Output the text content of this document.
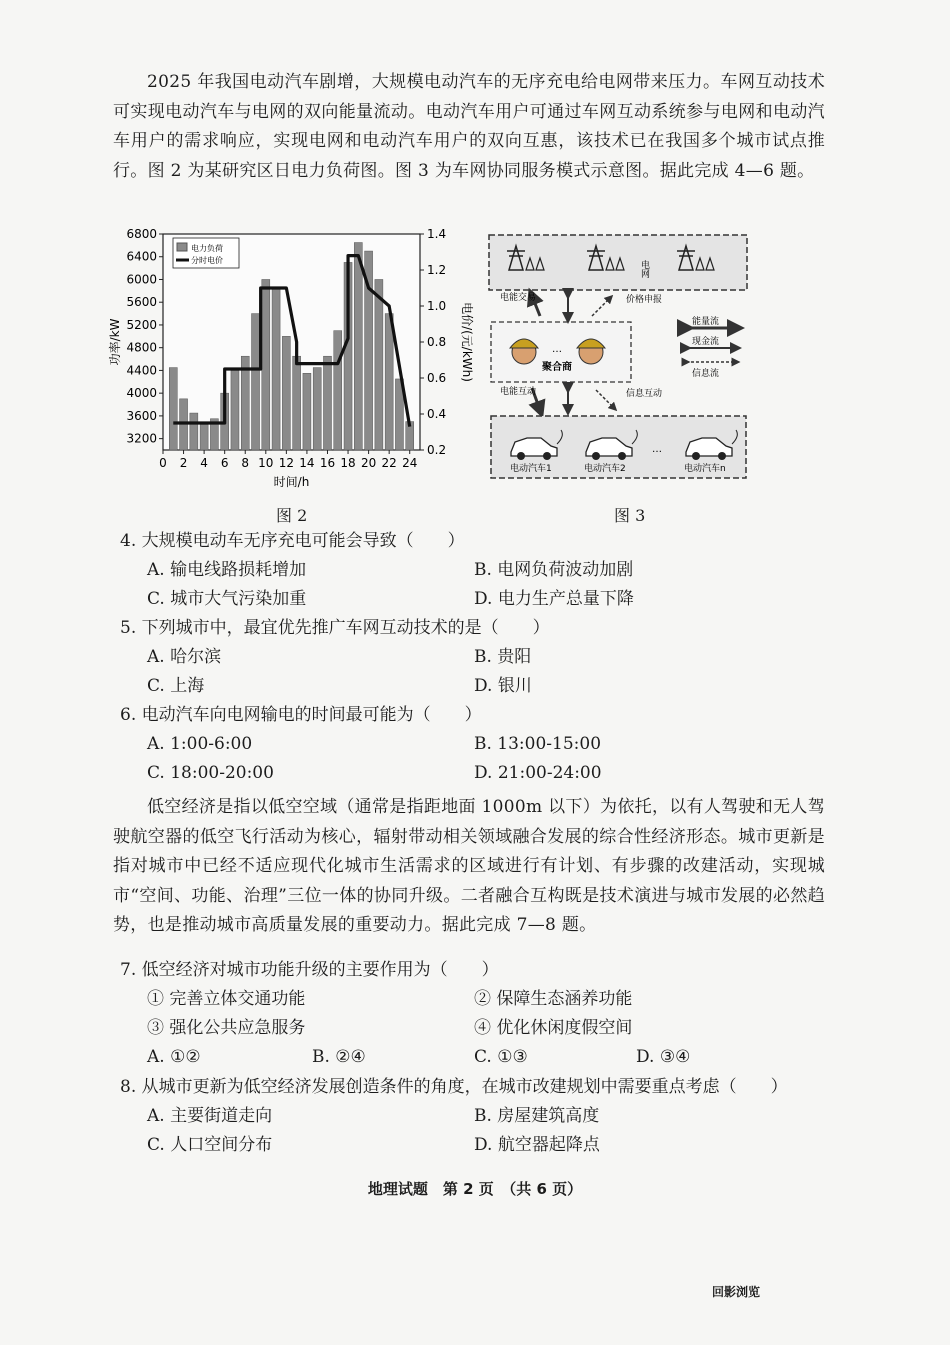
2025 年我国电动汽车剧增，大规模电动汽车的无序充电给电网带来压力。车网互动技术可实现电动汽车与电网的双向能量流动。电动汽车用户可通过车网互动系统参与电网和电动汽车用户的需求响应，实现电网和电动汽车用户的双向互惠，该技术已在我国多个城市试点推行。图 2 为某研究区日电力负荷图。图 3 为车网协同服务模式示意图。据此完成 4—6 题。
6800
6400
6000
5600
5200
4800
4400
4000
3600
3200
1.4
1.2
1.0
0.8
0.6
0.4
0.2
0 2 4 6 8 10 12 14 16 18 20 22 24
时间/h
功率/kW	电价/(元/kWh)
电力负荷
分时电价
图 2
电网
…
聚合商
电能交易	价格申报
电能互动	信息互动
能量流
现金流
信息流
…
电动汽车1	电动汽车2	电动汽车n
图 3
4. 大规模电动车无序充电可能会导致（　　）
A. 输电线路损耗增加	B. 电网负荷波动加剧
C. 城市大气污染加重	D. 电力生产总量下降
5. 下列城市中，最宜优先推广车网互动技术的是（　　）
A. 哈尔滨	B. 贵阳
C. 上海	D. 银川
6. 电动汽车向电网输电的时间最可能为（　　）
A. 1:00-6:00	B. 13:00-15:00
C. 18:00-20:00	D. 21:00-24:00
低空经济是指以低空空域（通常是指距地面 1000m 以下）为依托，以有人驾驶和无人驾驶航空器的低空飞行活动为核心，辐射带动相关领域融合发展的综合性经济形态。城市更新是指对城市中已经不适应现代化城市生活需求的区域进行有计划、有步骤的改建活动，实现城市“空间、功能、治理”三位一体的协同升级。二者融合互构既是技术演进与城市发展的必然趋势，也是推动城市高质量发展的重要动力。据此完成 7—8 题。
7. 低空经济对城市功能升级的主要作用为（　　）
① 完善立体交通功能	② 保障生态涵养功能
③ 强化公共应急服务	④ 优化休闲度假空间
A. ①②	B. ②④	C. ①③	D. ③④
8. 从城市更新为低空经济发展创造条件的角度，在城市改建规划中需要重点考虑（　　）
A. 主要街道走向	B. 房屋建筑高度
C. 人口空间分布	D. 航空器起降点
地理试题　第 2 页　（共 6 页）
回影浏览
